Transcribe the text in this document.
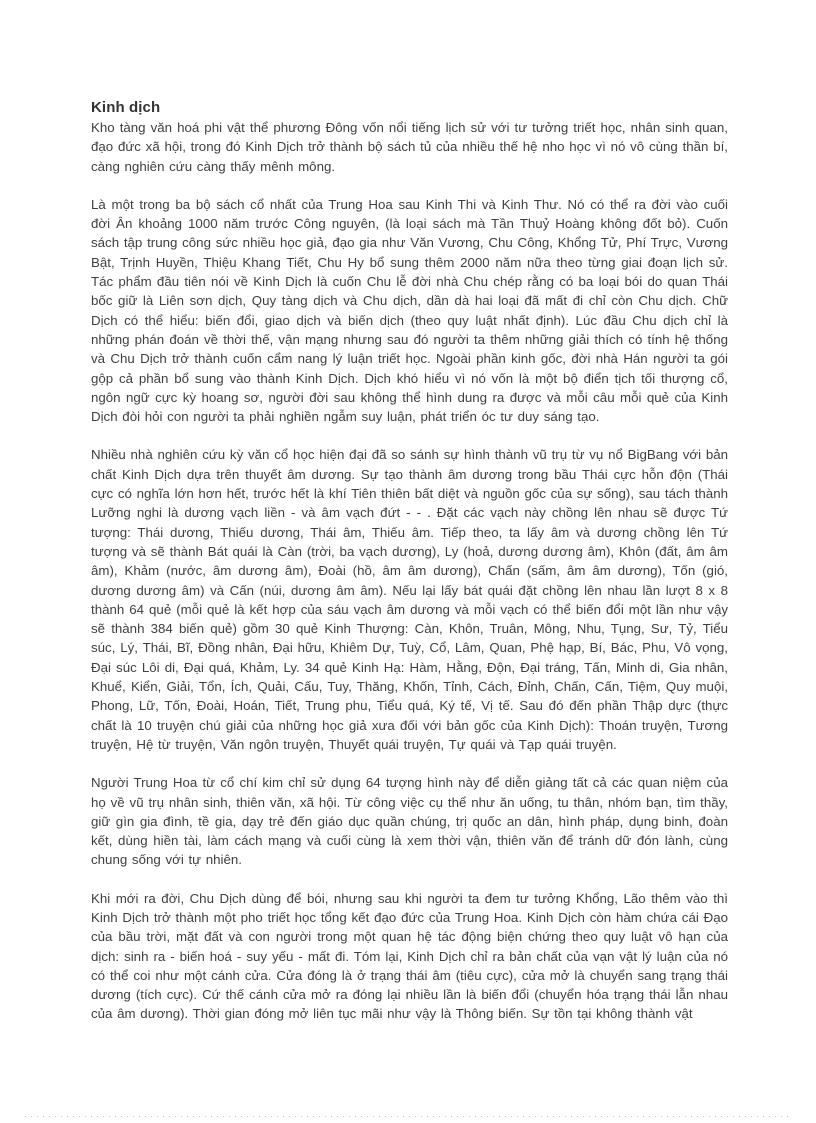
Kinh dịch

Kho tàng văn hoá phi vật thể phương Đông vốn nổi tiếng lịch sử với tư tưởng triết học, nhân sinh quan, đạo đức xã hội, trong đó Kinh Dịch trở thành bộ sách tủ của nhiều thế hệ nho học vì nó vô cùng thần bí, càng nghiên cứu càng thấy mênh mông.

Là một trong ba bộ sách cổ nhất của Trung Hoa sau Kinh Thi và Kinh Thư. Nó có thể ra đời vào cuối đời Ân khoảng 1000 năm trước Công nguyên, (là loại sách mà Tần Thuỷ Hoàng không đốt bỏ). Cuốn sách tập trung công sức nhiều học giả, đạo gia như Văn Vương, Chu Công, Khổng Tử, Phí Trực, Vương Bật, Trịnh Huyền, Thiệu Khang Tiết, Chu Hy bổ sung thêm 2000 năm nữa theo từng giai đoạn lịch sử. Tác phẩm đầu tiên nói về Kinh Dịch là cuốn Chu lễ đời nhà Chu chép rằng có ba loại bói do quan Thái bốc giữ là Liên sơn dịch, Quy tàng dịch và Chu dịch, dần dà hai loại đã mất đi chỉ còn Chu dịch. Chữ Dịch có thể hiểu: biến đổi, giao dịch và biến dịch (theo quy luật nhất định). Lúc đầu Chu dịch chỉ là những phán đoán về thời thế, vận mạng nhưng sau đó người ta thêm những giải thích có tính hệ thống và Chu Dịch trở thành cuốn cẩm nang lý luận triết học. Ngoài phần kinh gốc, đời nhà Hán người ta gói gộp cả phần bổ sung vào thành Kinh Dịch. Dịch khó hiểu vì nó vốn là một bộ điển tịch tối thượng cổ, ngôn ngữ cực kỳ hoang sơ, người đời sau không thể hình dung ra được và mỗi câu mỗi quẻ của Kinh Dịch đòi hỏi con người ta phải nghiền ngẫm suy luận, phát triển óc tư duy sáng tạo.

Nhiều nhà nghiên cứu kỳ văn cổ học hiện đại đã so sánh sự hình thành vũ trụ từ vụ nổ BigBang với bản chất Kinh Dịch dựa trên thuyết âm dương. Sự tạo thành âm dương trong bầu Thái cực hỗn độn (Thái cực có nghĩa lớn hơn hết, trước hết là khí Tiên thiên bất diệt và nguồn gốc của sự sống), sau tách thành Lưỡng nghi là dương vạch liền - và âm vạch đứt - - . Đặt các vạch này chồng lên nhau sẽ được Tứ tượng: Thái dương, Thiếu dương, Thái âm, Thiếu âm. Tiếp theo, ta lấy âm và dương chồng lên Tứ tượng và sẽ thành Bát quái là Càn (trời, ba vạch dương), Ly (hoả, dương dương âm), Khôn (đất, âm âm âm), Khảm (nước, âm dương âm), Đoài (hồ, âm âm dương), Chấn (sấm, âm âm dương), Tốn (gió, dương dương âm) và Cấn (núi, dương âm âm). Nếu lại lấy bát quái đặt chồng lên nhau lần lượt 8 x 8 thành 64 quẻ (mỗi quẻ là kết hợp của sáu vạch âm dương và mỗi vạch có thể biến đổi một lần như vậy sẽ thành 384 biến quẻ) gồm 30 quẻ Kinh Thượng: Càn, Khôn, Truân, Mông, Nhu, Tụng, Sư, Tỷ, Tiểu súc, Lý, Thái, Bĩ, Đồng nhân, Đại hữu, Khiêm Dự, Tuỳ, Cổ, Lâm, Quan, Phệ hạp, Bí, Bác, Phu, Vô vọng, Đại súc Lôi di, Đại quá, Khảm, Ly. 34 quẻ Kinh Hạ: Hàm, Hằng, Độn, Đại tráng, Tấn, Minh di, Gia nhân, Khuể, Kiển, Giải, Tổn, Ích, Quải, Cấu, Tuy, Thăng, Khốn, Tỉnh, Cách, Đỉnh, Chấn, Cấn, Tiệm, Quy muội, Phong, Lữ, Tốn, Đoài, Hoán, Tiết, Trung phu, Tiểu quá, Ký tế, Vị tế. Sau đó đến phần Thập dực (thực chất là 10 truyện chú giải của những học giả xưa đối với bản gốc của Kinh Dịch): Thoán truyện, Tương truyện, Hệ từ truyện, Văn ngôn truyện, Thuyết quái truyện, Tự quái và Tạp quái truyện.

Người Trung Hoa từ cổ chí kim chỉ sử dụng 64 tượng hình này để diễn giảng tất cả các quan niệm của họ về vũ trụ nhân sinh, thiên văn, xã hội. Từ công việc cụ thể như ăn uống, tu thân, nhóm bạn, tìm thầy, giữ gìn gia đình, tề gia, dạy trẻ đến giáo dục quần chúng, trị quốc an dân, hình pháp, dụng binh, đoàn kết, dùng hiền tài, làm cách mạng và cuối cùng là xem thời vận, thiên văn để tránh dữ đón lành, cùng chung sống với tự nhiên.

Khi mới ra đời, Chu Dịch dùng để bói, nhưng sau khi người ta đem tư tưởng Khổng, Lão thêm vào thì Kinh Dịch trở thành một pho triết học tổng kết đạo đức của Trung Hoa. Kinh Dịch còn hàm chứa cái Đạo của bầu trời, mặt đất và con người trong một quan hệ tác động biện chứng theo quy luật vô hạn của dịch: sinh ra - biến hoá - suy yếu - mất đi. Tóm lại, Kinh Dịch chỉ ra bản chất của vạn vật lý luận của nó có thể coi như một cánh cửa. Cửa đóng là ở trạng thái âm (tiêu cực), cửa mở là chuyển sang trạng thái dương (tích cực). Cứ thế cánh cửa mở ra đóng lại nhiều lần là biến đổi (chuyển hóa trạng thái lẫn nhau của âm dương). Thời gian đóng mở liên tục mãi như vậy là Thông biến. Sự tồn tại không thành vật
